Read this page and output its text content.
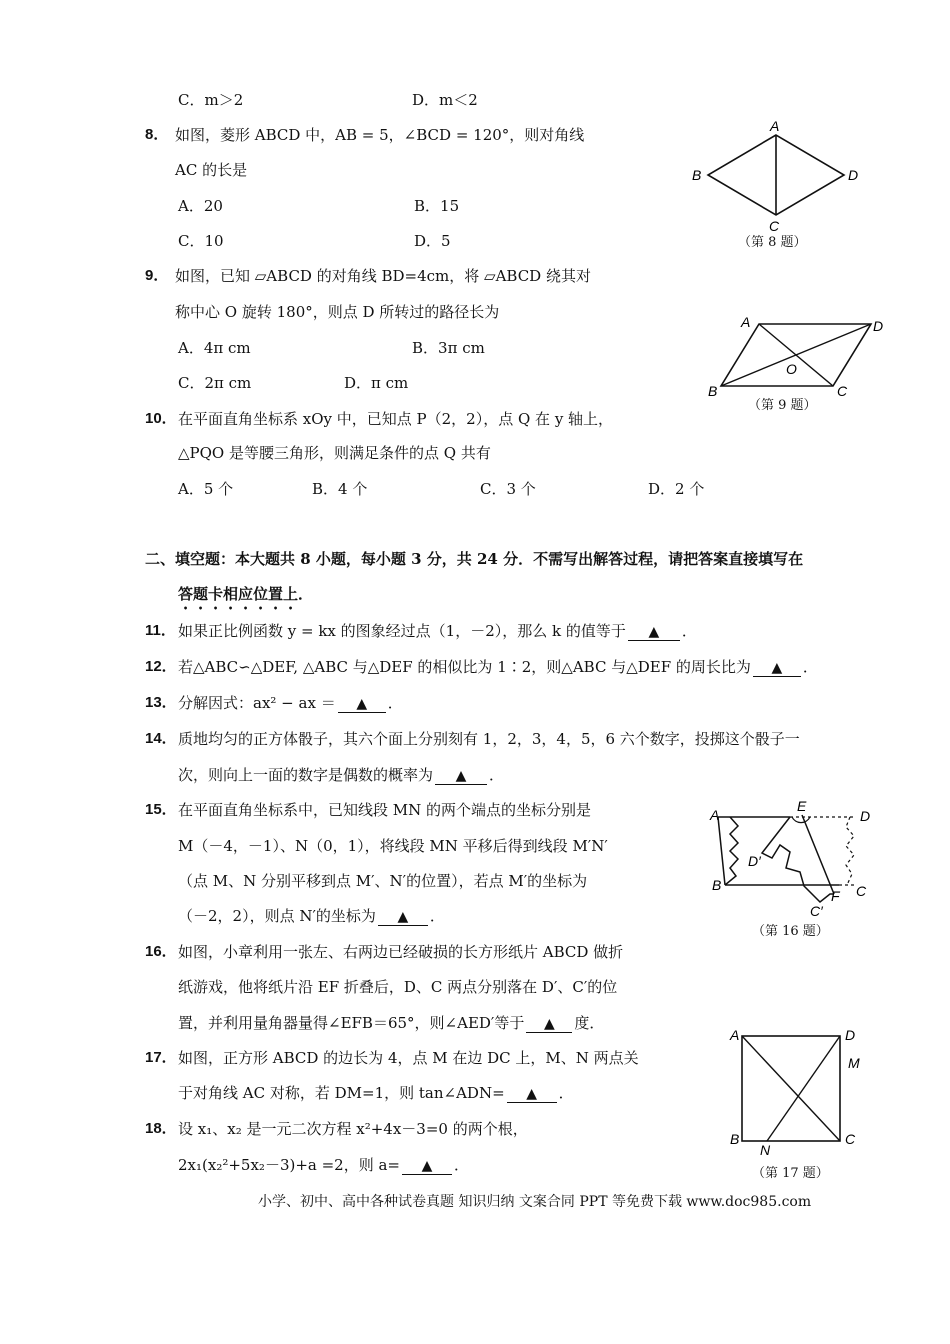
C．m＞2	D．m＜2
8． 如图，菱形 ABCD 中，AB = 5，∠BCD = 120°，则对角线
AC 的长是
A．20	B．15
C．10	D．5
A
B
C
D
（第 8 题）
9． 如图，已知 ▱ABCD 的对角线 BD=4cm，将 ▱ABCD 绕其对
称中心 O 旋转 180°，则点 D 所转过的路径长为
A．4π cm	B．3π cm
C．2π cm	D．π cm
A	D
O
B	C
（第 9 题）
10． 在平面直角坐标系 xOy 中，已知点 P（2，2），点 Q 在 y 轴上，
△PQO 是等腰三角形，则满足条件的点 Q 共有
A．5 个	B．4 个	C．3 个	D．2 个
二、填空题：本大题共 8 小题，每小题 3 分，共 24 分．不需写出解答过程，请把答案直接填写在
答题卡相应位置上．
11． 如果正比例函数 y = kx 的图象经过点（1，－2），那么 k 的值等于 ▲ ．
12． 若△ABC∽△DEF, △ABC 与△DEF 的相似比为 1∶2，则△ABC 与△DEF 的周长比为 ▲ ．
13． 分解因式：ax² − ax ＝ ▲ ．
14． 质地均匀的正方体骰子，其六个面上分别刻有 1，2，3，4，5，6 六个数字，投掷这个骰子一
次，则向上一面的数字是偶数的概率为 ▲ ．
15． 在平面直角坐标系中，已知线段 MN 的两个端点的坐标分别是
M（－4，－1）、N（0，1），将线段 MN 平移后得到线段 M′N′
（点 M、N 分别平移到点 M′、N′的位置），若点 M′的坐标为
（－2，2），则点 N′的坐标为 ▲ ．
A
E
D
D′
B	C
F
C′
（第 16 题）
16． 如图，小章利用一张左、右两边已经破损的长方形纸片 ABCD 做折
纸游戏，他将纸片沿 EF 折叠后，D、C 两点分别落在 D′、C′的位
置，并利用量角器量得∠EFB＝65°，则∠AED′等于 ▲ 度．
17． 如图，正方形 ABCD 的边长为 4，点 M 在边 DC 上，M、N 两点关
于对角线 AC 对称，若 DM=1，则 tan∠ADN= ▲ ．
A	D
M
B
N
C
（第 17 题）
18． 设 x₁、x₂ 是一元二次方程 x²+4x－3=0 的两个根，
2x₁(x₂²+5x₂－3)+a =2，则 a= ▲ ．
小学、初中、高中各种试卷真题 知识归纳 文案合同 PPT 等免费下载 www.doc985.com
